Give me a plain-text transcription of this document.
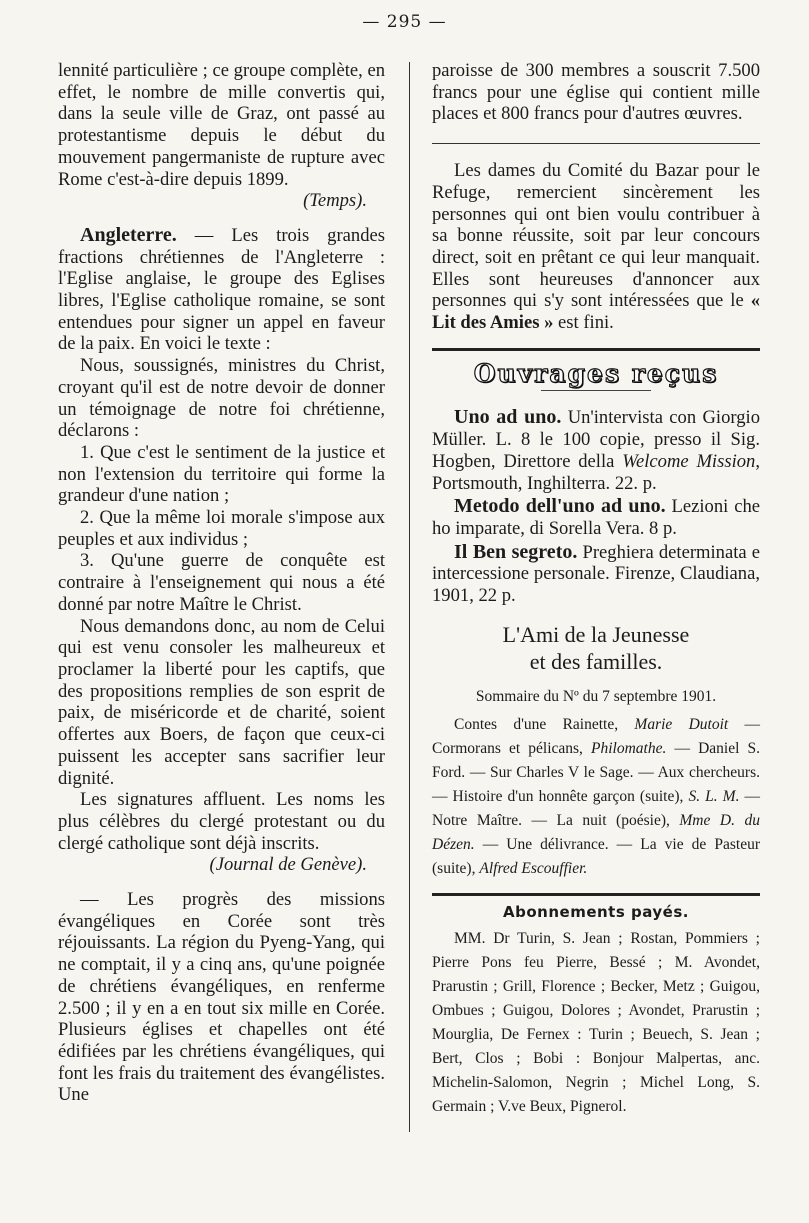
— 295 —

lennité particulière ; ce groupe complète, en effet, le nombre de mille convertis qui, dans la seule ville de Graz, ont passé au protestantisme depuis le début du mouvement pangermaniste de rupture avec Rome c'est-à-dire depuis 1899.

(Temps).

Angleterre. — Les trois grandes fractions chrétiennes de l'Angleterre : l'Eglise anglaise, le groupe des Eglises libres, l'Eglise catholique romaine, se sont entendues pour signer un appel en faveur de la paix. En voici le texte :

Nous, soussignés, ministres du Christ, croyant qu'il est de notre devoir de donner un témoignage de notre foi chrétienne, déclarons :

1. Que c'est le sentiment de la justice et non l'extension du territoire qui forme la grandeur d'une nation ;

2. Que la même loi morale s'impose aux peuples et aux individus ;

3. Qu'une guerre de conquête est contraire à l'enseignement qui nous a été donné par notre Maître le Christ.

Nous demandons donc, au nom de Celui qui est venu consoler les malheureux et proclamer la liberté pour les captifs, que des propositions remplies de son esprit de paix, de miséricorde et de charité, soient offertes aux Boers, de façon que ceux-ci puissent les accepter sans sacrifier leur dignité.

Les signatures affluent. Les noms les plus célèbres du clergé protestant ou du clergé catholique sont déjà inscrits.

(Journal de Genève).

— Les progrès des missions évangéliques en Corée sont très réjouissants. La région du Pyeng-Yang, qui ne comptait, il y a cinq ans, qu'une poignée de chrétiens évangéliques, en renferme 2.500 ; il y en a en tout six mille en Corée. Plusieurs églises et chapelles ont été édifiées par les chrétiens évangéliques, qui font les frais du traitement des évangélistes. Une

paroisse de 300 membres a souscrit 7.500 francs pour une église qui contient mille places et 800 francs pour d'autres œuvres.

Les dames du Comité du Bazar pour le Refuge, remercient sincèrement les personnes qui ont bien voulu contribuer à sa bonne réussite, soit par leur concours direct, soit en prêtant ce qui leur manquait. Elles sont heureuses d'annoncer aux personnes qui s'y sont intéressées que le « Lit des Amies » est fini.

Ouvrages reçus

Uno ad uno. Un'intervista con Giorgio Müller. L. 8 le 100 copie, presso il Sig. Hogben, Direttore della Welcome Mission, Portsmouth, Inghilterra. 22. p.

Metodo dell'uno ad uno. Lezioni che ho imparate, di Sorella Vera. 8 p.

Il Ben segreto. Preghiera determinata e intercessione personale. Firenze, Claudiana, 1901, 22 p.

L'Ami de la Jeunesse
et des familles.
Sommaire du Nº du 7 septembre 1901.

Contes d'une Rainette, Marie Dutoit — Cormorans et pélicans, Philomathe. — Daniel S. Ford. — Sur Charles V le Sage. — Aux chercheurs. — Histoire d'un honnête garçon (suite), S. L. M. — Notre Maître. — La nuit (poésie), Mme D. du Dézen. — Une délivrance. — La vie de Pasteur (suite), Alfred Escouffier.

Abonnements payés.

MM. Dr Turin, S. Jean ; Rostan, Pommiers ; Pierre Pons feu Pierre, Bessé ; M. Avondet, Prarustin ; Grill, Florence ; Becker, Metz ; Guigou, Ombues ; Guigou, Dolores ; Avondet, Prarustin ; Mourglia, De Fernex : Turin ; Beuech, S. Jean ; Bert, Clos ; Bobi : Bonjour Malpertas, anc. Michelin-Salomon, Negrin ; Michel Long, S. Germain ; V.ve Beux, Pignerol.
